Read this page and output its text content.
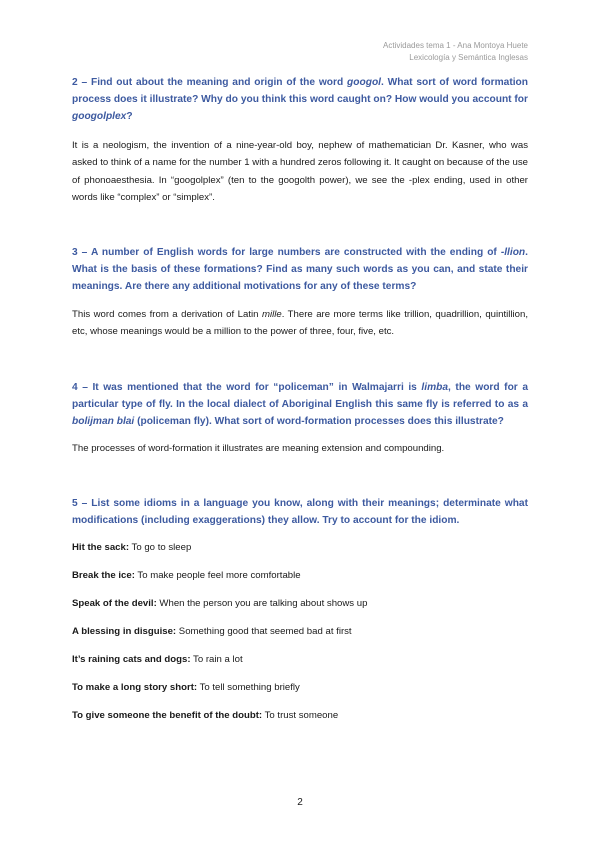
Actividades tema 1 - Ana Montoya Huete
Lexicología y Semántica Inglesas

2 – Find out about the meaning and origin of the word googol. What sort of word formation process does it illustrate? Why do you think this word caught on? How would you account for googolplex?

It is a neologism, the invention of a nine-year-old boy, nephew of mathematician Dr. Kasner, who was asked to think of a name for the number 1 with a hundred zeros following it. It caught on because of the use of phonoaesthesia. In “googolplex” (ten to the googolth power), we see the -plex ending, used in other words like “complex” or “simplex”.

3 – A number of English words for large numbers are constructed with the ending of -llion. What is the basis of these formations? Find as many such words as you can, and state their meanings. Are there any additional motivations for any of these terms?

This word comes from a derivation of Latin mille. There are more terms like trillion, quadrillion, quintillion, etc, whose meanings would be a million to the power of three, four, five, etc.

4 – It was mentioned that the word for “policeman” in Walmajarri is limba, the word for a particular type of fly. In the local dialect of Aboriginal English this same fly is referred to as a bolijman blai (policeman fly). What sort of word-formation processes does this illustrate?

The processes of word-formation it illustrates are meaning extension and compounding.

5 – List some idioms in a language you know, along with their meanings; determinate what modifications (including exaggerations) they allow. Try to account for the idiom.

Hit the sack: To go to sleep

Break the ice: To make people feel more comfortable

Speak of the devil: When the person you are talking about shows up

A blessing in disguise: Something good that seemed bad at first

It’s raining cats and dogs: To rain a lot

To make a long story short: To tell something briefly

To give someone the benefit of the doubt: To trust someone

2
